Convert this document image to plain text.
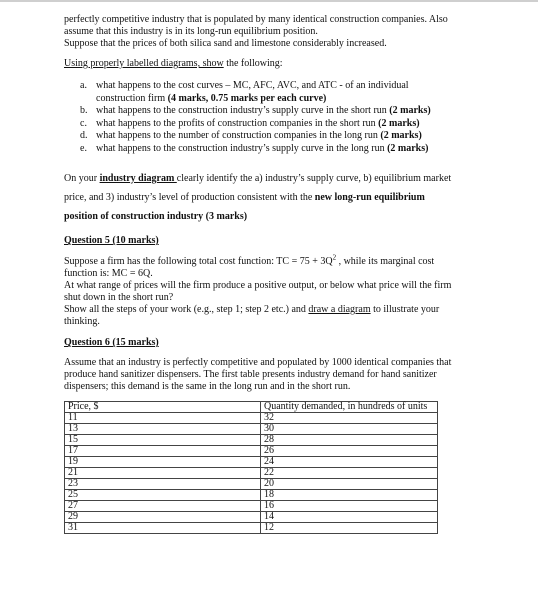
perfectly competitive industry that is populated by many identical construction companies. Also

assume that this industry is in its long-run equilibrium position.

Suppose that the prices of both silica sand and limestone considerably increased.

Using properly labelled diagrams, show the following:

a. what happens to the cost curves – MC, AFC, AVC, and ATC - of an individual
construction firm (4 marks, 0.75 marks per each curve)
b. what happens to the construction industry’s supply curve in the short run (2 marks)
c. what happens to the profits of construction companies in the short run (2 marks)
d. what happens to the number of construction companies in the long run (2 marks)
e. what happens to the construction industry’s supply curve in the long run (2 marks)

On your industry diagram clearly identify the a) industry’s supply curve, b) equilibrium market

price, and 3) industry’s level of production consistent with the new long-run equilibrium

position of construction industry (3 marks)

Question 5 (10 marks)

Suppose a firm has the following total cost function: TC = $75 + 3Q^2$ , while its marginal cost

function is: MC = 6Q.

At what range of prices will the firm produce a positive output, or below what price will the firm

shut down in the short run?

Show all the steps of your work (e.g., step 1; step 2 etc.) and draw a diagram to illustrate your

thinking.

Question 6 (15 marks)

Assume that an industry is perfectly competitive and populated by 1000 identical companies that

produce hand sanitizer dispensers. The first table presents industry demand for hand sanitizer

dispensers; this demand is the same in the long run and in the short run.

Price, $	Quantity demanded, in hundreds of units
11	32
13	30
15	28
17	26
19	24
21	22
23	20
25	18
27	16
29	14
31	12
